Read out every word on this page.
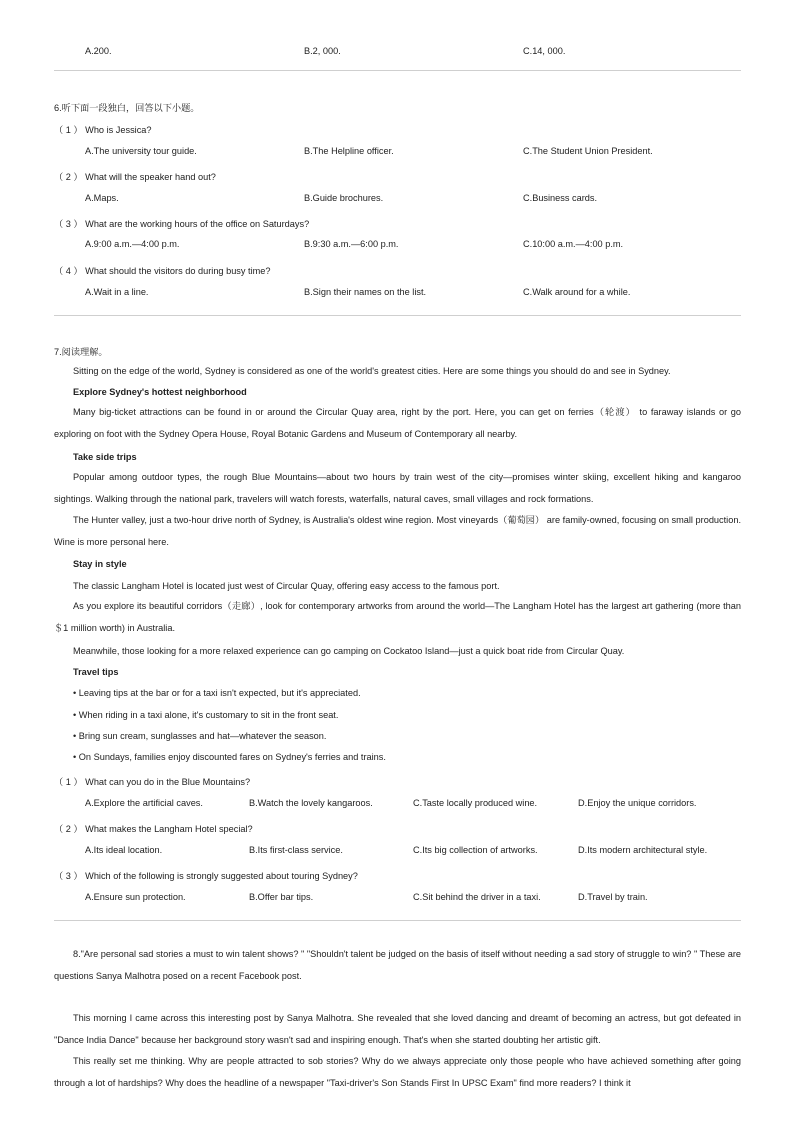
A.200.	B.2, 000.	C.14, 000.
6.听下面一段独白，回答以下小题。
（ 1 ） Who is Jessica?
A.The university tour guide.	B.The Helpline officer.	C.The Student Union President.
（ 2 ） What will the speaker hand out?
A.Maps.	B.Guide brochures.	C.Business cards.
（ 3 ） What are the working hours of the office on Saturdays?
A.9:00 a.m.—4:00 p.m.	B.9:30 a.m.—6:00 p.m.	C.10:00 a.m.—4:00 p.m.
（ 4 ） What should the visitors do during busy time?
A.Wait in a line.	B.Sign their names on the list.	C.Walk around for a while.
7.阅读理解。
Sitting on the edge of the world, Sydney is considered as one of the world's greatest cities. Here are some things you should do and see in Sydney.
Explore Sydney's hottest neighborhood
Many big-ticket attractions can be found in or around the Circular Quay area, right by the port. Here, you can get on ferries（轮渡） to faraway islands or go exploring on foot with the Sydney Opera House, Royal Botanic Gardens and Museum of Contemporary all nearby.
Take side trips
Popular among outdoor types, the rough Blue Mountains—about two hours by train west of the city—promises winter skiing, excellent hiking and kangaroo sightings. Walking through the national park, travelers will watch forests, waterfalls, natural caves, small villages and rock formations.
The Hunter valley, just a two-hour drive north of Sydney, is Australia's oldest wine region. Most vineyards（葡萄园） are family-owned, focusing on small production. Wine is more personal here.
Stay in style
The classic Langham Hotel is located just west of Circular Quay, offering easy access to the famous port.
As you explore its beautiful corridors（走廊）, look for contemporary artworks from around the world—The Langham Hotel has the largest art gathering (more than ＄1 million worth) in Australia.
Meanwhile, those looking for a more relaxed experience can go camping on Cockatoo Island—just a quick boat ride from Circular Quay.
Travel tips
• Leaving tips at the bar or for a taxi isn't expected, but it's appreciated.
• When riding in a taxi alone, it's customary to sit in the front seat.
• Bring sun cream, sunglasses and hat—whatever the season.
• On Sundays, families enjoy discounted fares on Sydney's ferries and trains.
（ 1 ） What can you do in the Blue Mountains?
A.Explore the artificial caves.	B.Watch the lovely kangaroos.	C.Taste locally produced wine.	D.Enjoy the unique corridors.
（ 2 ） What makes the Langham Hotel special?
A.Its ideal location.	B.Its first-class service.	C.Its big collection of artworks.	D.Its modern architectural style.
（ 3 ） Which of the following is strongly suggested about touring Sydney?
A.Ensure sun protection.	B.Offer bar tips.	C.Sit behind the driver in a taxi.	D.Travel by train.
8."Are personal sad stories a must to win talent shows? " "Shouldn't talent be judged on the basis of itself without needing a sad story of struggle to win? " These are questions Sanya Malhotra posed on a recent Facebook post.
This morning I came across this interesting post by Sanya Malhotra. She revealed that she loved dancing and dreamt of becoming an actress, but got defeated in "Dance India Dance" because her background story wasn't sad and inspiring enough. That's when she started doubting her artistic gift.
This really set me thinking. Why are people attracted to sob stories? Why do we always appreciate only those people who have achieved something after going through a lot of hardships? Why does the headline of a newspaper "Taxi-driver's Son Stands First In UPSC Exam" find more readers? I think it
